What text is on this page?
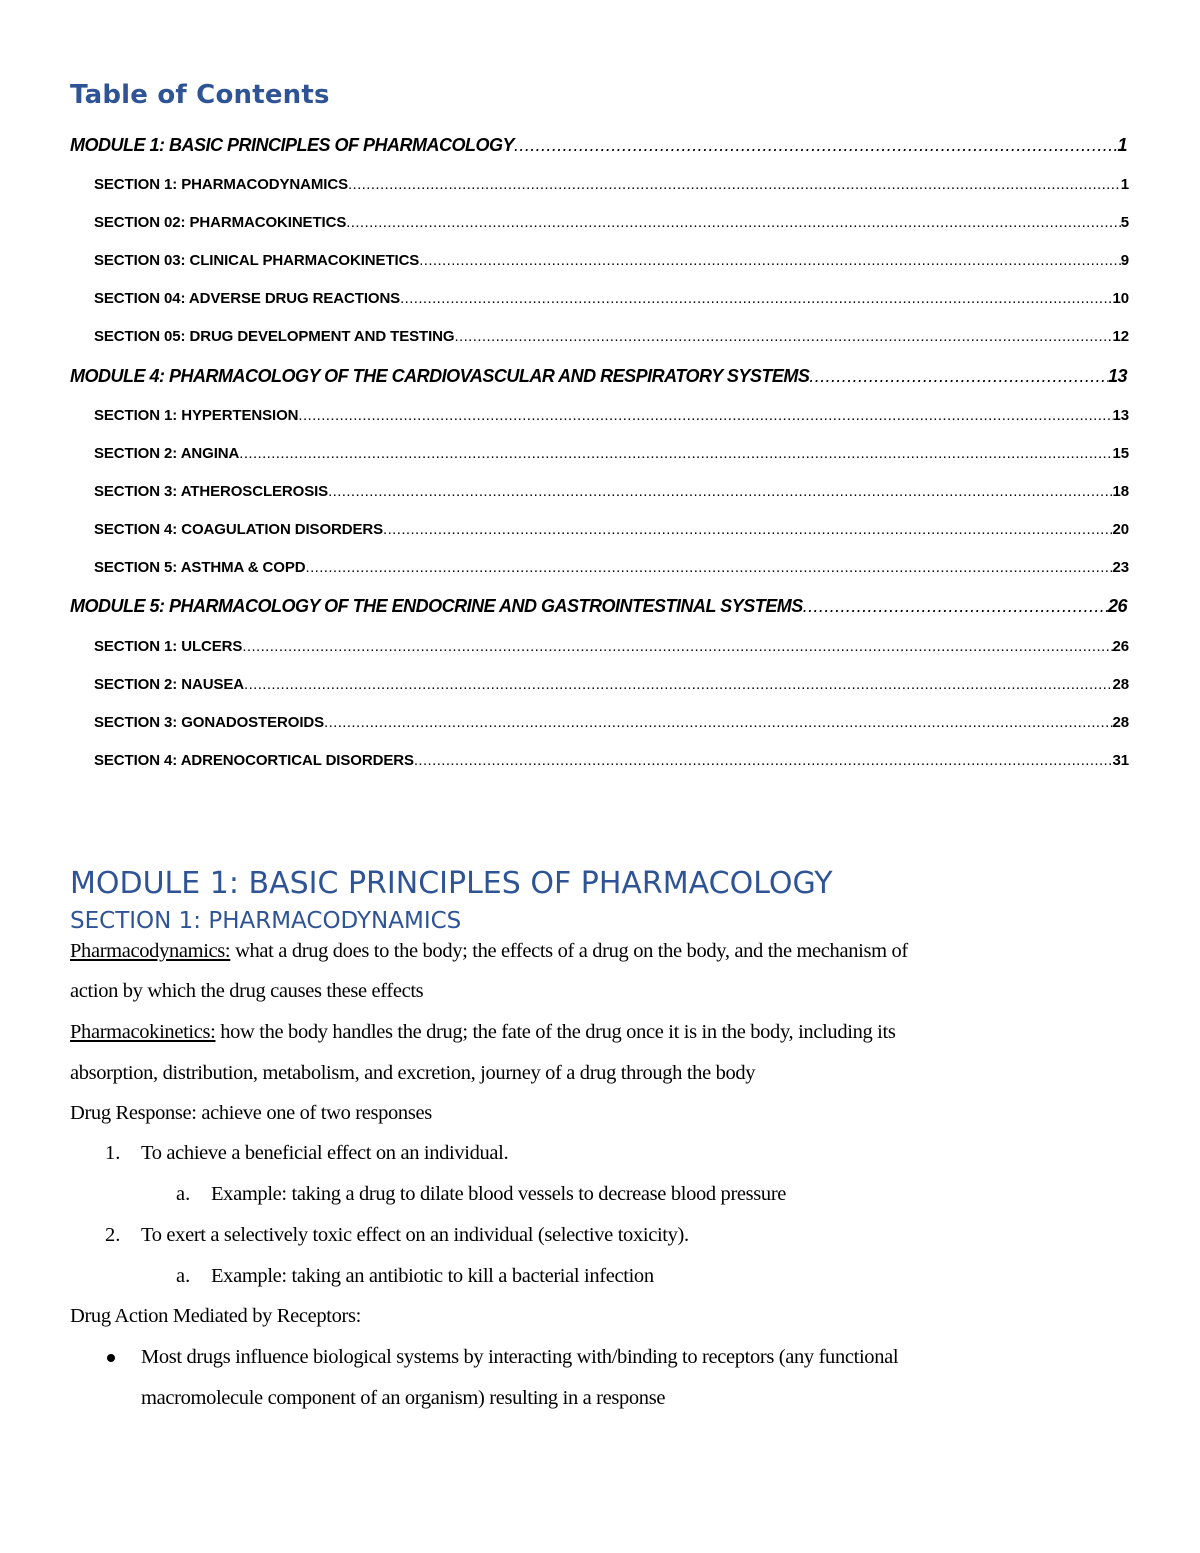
Table of Contents
MODULE 1: BASIC PRINCIPLES OF PHARMACOLOGY .....	1
SECTION 1: PHARMACODYNAMICS .....	1
SECTION 02: PHARMACOKINETICS .....	5
SECTION 03: CLINICAL PHARMACOKINETICS .....	9
SECTION 04: ADVERSE DRUG REACTIONS .....	10
SECTION 05: DRUG DEVELOPMENT AND TESTING .....	12
MODULE 4: PHARMACOLOGY OF THE CARDIOVASCULAR AND RESPIRATORY SYSTEMS .....	13
SECTION 1: HYPERTENSION .....	13
SECTION 2: ANGINA .....	15
SECTION 3: ATHEROSCLEROSIS .....	18
SECTION 4: COAGULATION DISORDERS .....	20
SECTION 5: ASTHMA & COPD .....	23
MODULE 5: PHARMACOLOGY OF THE ENDOCRINE AND GASTROINTESTINAL SYSTEMS .....	26
SECTION 1: ULCERS .....	26
SECTION 2: NAUSEA .....	28
SECTION 3: GONADOSTEROIDS .....	28
SECTION 4: ADRENOCORTICAL DISORDERS .....	31
MODULE 1: BASIC PRINCIPLES OF PHARMACOLOGY
SECTION 1: PHARMACODYNAMICS
Pharmacodynamics: what a drug does to the body; the effects of a drug on the body, and the mechanism of
action by which the drug causes these effects
Pharmacokinetics: how the body handles the drug; the fate of the drug once it is in the body, including its
absorption, distribution, metabolism, and excretion, journey of a drug through the body
Drug Response: achieve one of two responses
1. To achieve a beneficial effect on an individual.
a. Example: taking a drug to dilate blood vessels to decrease blood pressure
2. To exert a selectively toxic effect on an individual (selective toxicity).
a. Example: taking an antibiotic to kill a bacterial infection
Drug Action Mediated by Receptors:
Most drugs influence biological systems by interacting with/binding to receptors (any functional
macromolecule component of an organism) resulting in a response
